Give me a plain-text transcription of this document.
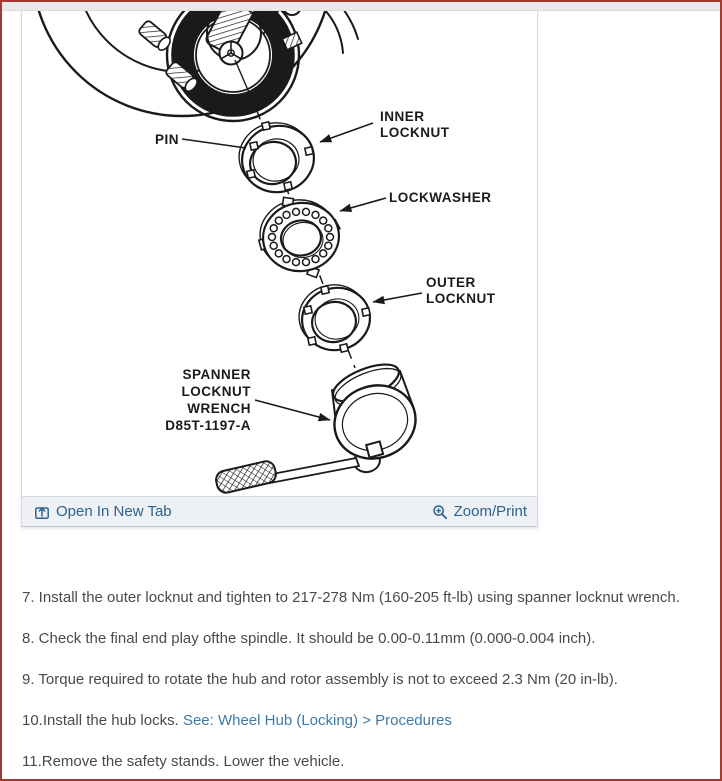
PIN
INNER
LOCKNUT
LOCKWASHER
OUTER
LOCKNUT
SPANNER
LOCKNUT
WRENCH
D85T-1197-A
Open In New Tab	Zoom/Print

7. Install the outer locknut and tighten to 217-278 Nm (160-205 ft-lb) using spanner locknut wrench.

8. Check the final end play ofthe spindle. It should be 0.00-0.11mm (0.000-0.004 inch).

9. Torque required to rotate the hub and rotor assembly is not to exceed 2.3 Nm (20 in-lb).

10.Install the hub locks. See: Wheel Hub (Locking) > Procedures

11.Remove the safety stands. Lower the vehicle.
